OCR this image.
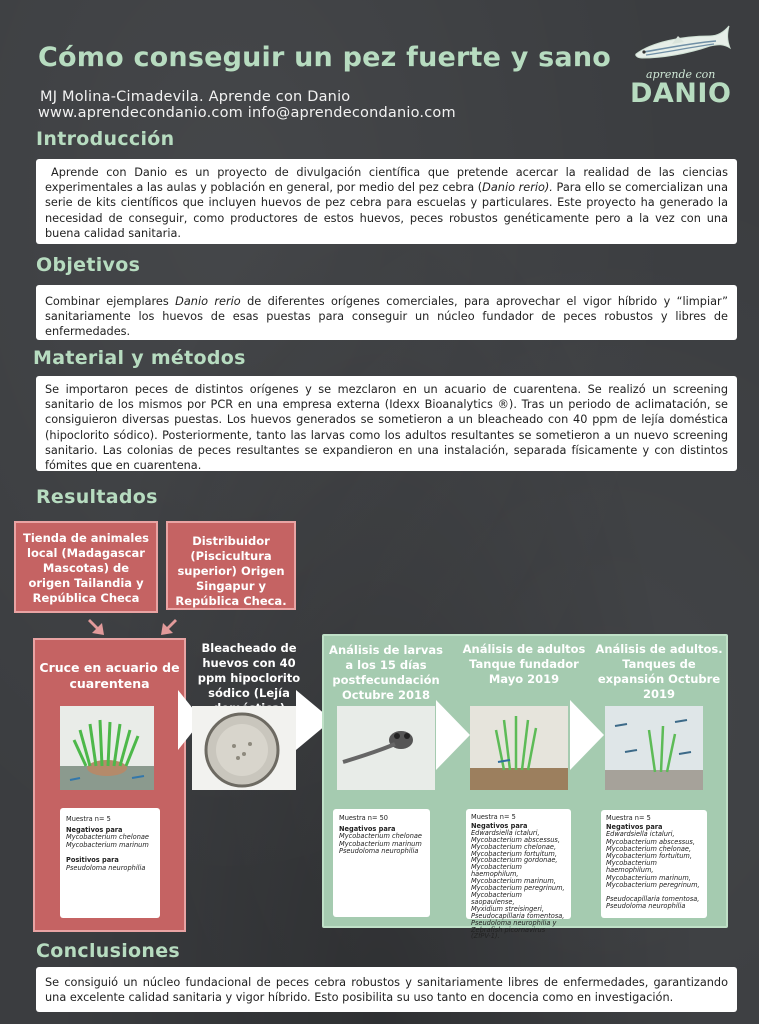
Cómo conseguir un pez fuerte y sano
MJ Molina-Cimadevila. Aprende con Danio
www.aprendecondanio.com info@aprendecondanio.com
aprende con
DANIO
Introducción
Aprende con Danio es un proyecto de divulgación científica que pretende acercar la realidad de las ciencias experimentales a las aulas y población en general, por medio del pez cebra (Danio rerio). Para ello se comercializan una serie de kits científicos que incluyen huevos de pez cebra para escuelas y particulares. Este proyecto ha generado la necesidad de conseguir, como productores de estos huevos, peces robustos genéticamente pero a la vez con una buena calidad sanitaria.
Objetivos
Combinar ejemplares Danio rerio de diferentes orígenes comerciales, para aprovechar el vigor híbrido y “limpiar” sanitariamente los huevos de esas puestas para conseguir un núcleo fundador de peces robustos y libres de enfermedades.
Material y métodos
Se importaron peces de distintos orígenes y se mezclaron en un acuario de cuarentena. Se realizó un screening sanitario de los mismos por PCR en una empresa externa (Idexx Bioanalytics ®). Tras un periodo de aclimatación, se consiguieron diversas puestas. Los huevos generados se sometieron a un bleacheado con 40 ppm de lejía doméstica (hipoclorito sódico). Posteriormente, tanto las larvas como los adultos resultantes se sometieron a un nuevo screening sanitario. Las colonias de peces resultantes se expandieron en una instalación, separada físicamente y con distintos fómites que en cuarentena.
Resultados
Tienda de animales local (Madagascar Mascotas) de origen Tailandia y República Checa
Distribuidor (Piscicultura superior) Origen Singapur y República Checa.
Cruce en acuario de cuarentena
Muestra n= 5
Negativos para
Mycobacterium chelonae
Mycobacterium marinum
Positivos para
Pseudoloma neurophilia
Bleacheado de huevos con 40 ppm hipoclorito sódico (Lejía
Análisis de larvas a los 15 días postfecundación Octubre 2018
Análisis de adultos Tanque fundador Mayo 2019
Análisis de adultos. Tanques de expansión Octubre 2019
Muestra n= 50
Negativos para
Mycobacterium chelonae
Mycobacterium marinum
Pseudoloma neurophilia
Muestra n= 5
Negativos para
Edwardsiella ictaluri,
Mycobacterium abscessus,
Mycobacterium chelonae,
Mycobacterium fortuitum,
Mycobacterium gordonae,
Mycobacterium haemophilum,
Mycobacterium marinum,
Mycobacterium peregrinum,
Mycobacterium saopaulense,
Myxidium streisingeri,
Pseudocapillaria tomentosa,
Pseudoloma neurophilia y
Zebrafish picornavirus (ZfPV-1).
Muestra n= 5
Negativos para
Edwardsiella ictaluri,
Mycobacterium abscessus,
Mycobacterium chelonae,
Mycobacterium fortuitum,
Mycobacterium haemophilum,
Mycobacterium marinum,
Mycobacterium peregrinum,
Pseudocapillaria tomentosa,
Pseudoloma neurophilia
Conclusiones
Se consiguió un núcleo fundacional de peces cebra robustos y sanitariamente libres de enfermedades, garantizando una excelente calidad sanitaria y vigor híbrido. Esto posibilita su uso tanto en docencia como en investigación.
